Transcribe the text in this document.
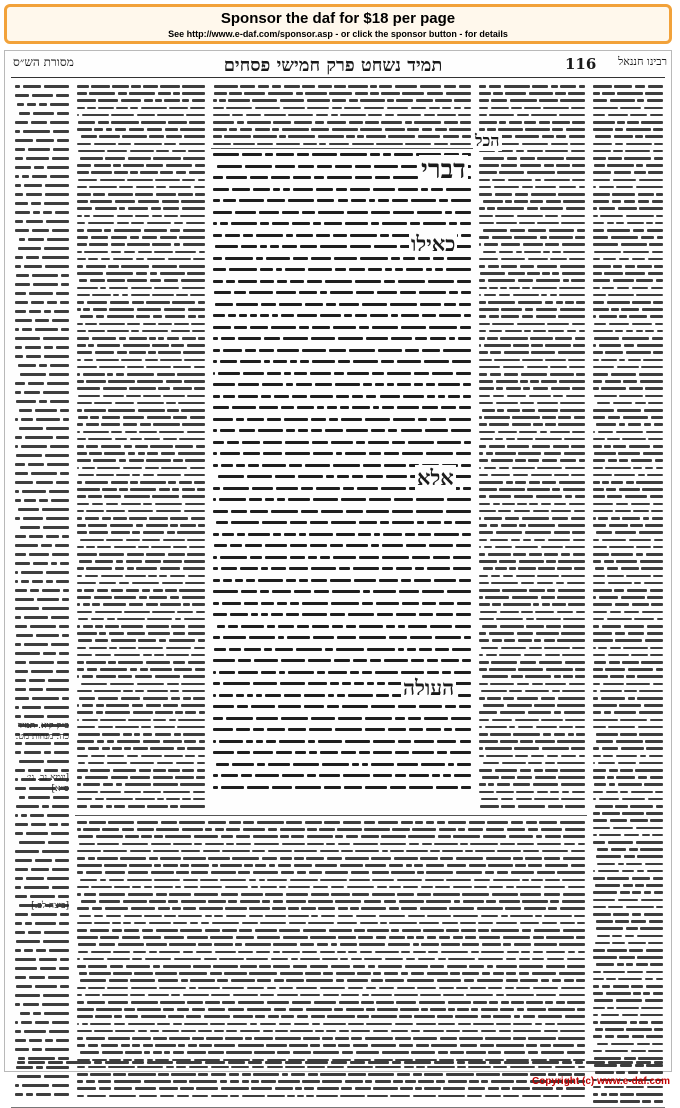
Sponsor the daf for $18 per page
See http://www.e-daf.com/sponsor.asp - or click the sponsor button - for details
מסורת הש״ס	תמיד נשחט פרק חמישי פסחים	116	רבינו חננאל
ב״ק קיא. תמיד כח: מנחות מט.
[יומא נב. גי׳ ס״א]
[ביצה לב.]
דברי
כאילו
אלא
העולה
הכל
Copyright (c) www.e-daf.com
